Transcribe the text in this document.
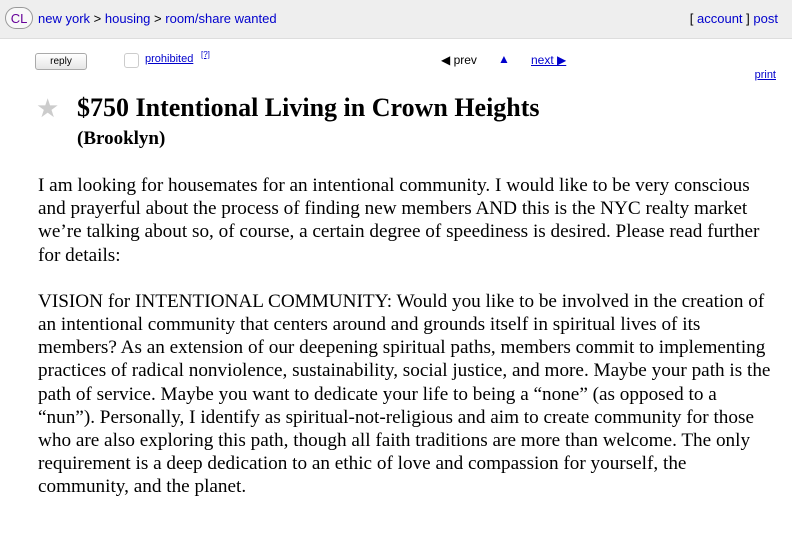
CL new york > housing > room/share wanted	[ account ] post
reply	prohibited [?]	◀ prev ▲ next ▶
print
★ $750 Intentional Living in Crown Heights
(Brooklyn)

I am looking for housemates for an intentional community. I would like to be very conscious and prayerful about the process of finding new members AND this is the NYC realty market we’re talking about so, of course, a certain degree of speediness is desired. Please read further for details:

VISION for INTENTIONAL COMMUNITY: Would you like to be involved in the creation of an intentional community that centers around and grounds itself in spiritual lives of its members? As an extension of our deepening spiritual paths, members commit to implementing practices of radical nonviolence, sustainability, social justice, and more. Maybe your path is the path of service. Maybe you want to dedicate your life to being a “none” (as opposed to a “nun”). Personally, I identify as spiritual-not-religious and aim to create community for those who are also exploring this path, though all faith traditions are more than welcome. The only requirement is a deep dedication to an ethic of love and compassion for yourself, the community, and the planet.
